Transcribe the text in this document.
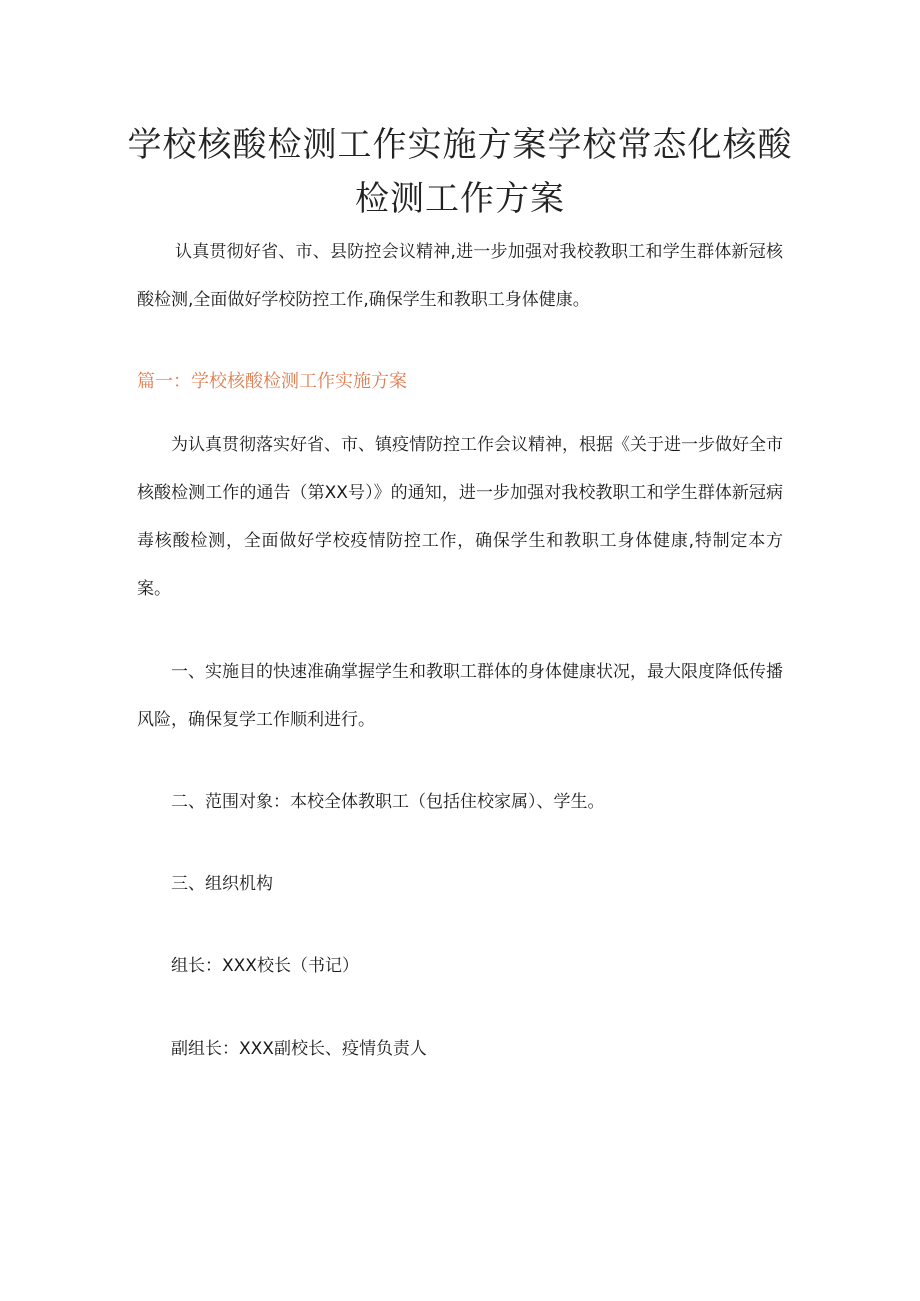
学校核酸检测工作实施方案学校常态化核酸检测工作方案

认真贯彻好省、市、县防控会议精神,进一步加强对我校教职工和学生群体新冠核酸检测,全面做好学校防控工作,确保学生和教职工身体健康。

篇一：学校核酸检测工作实施方案

为认真贯彻落实好省、市、镇疫情防控工作会议精神，根据《关于进一步做好全市核酸检测工作的通告（第XX号）》的通知，进一步加强对我校教职工和学生群体新冠病毒核酸检测，全面做好学校疫情防控工作，确保学生和教职工身体健康,特制定本方案。

一、实施目的快速准确掌握学生和教职工群体的身体健康状况，最大限度降低传播风险，确保复学工作顺利进行。

二、范围对象：本校全体教职工（包括住校家属）、学生。

三、组织机构

组长：XXX校长（书记）

副组长：XXX副校长、疫情负责人
